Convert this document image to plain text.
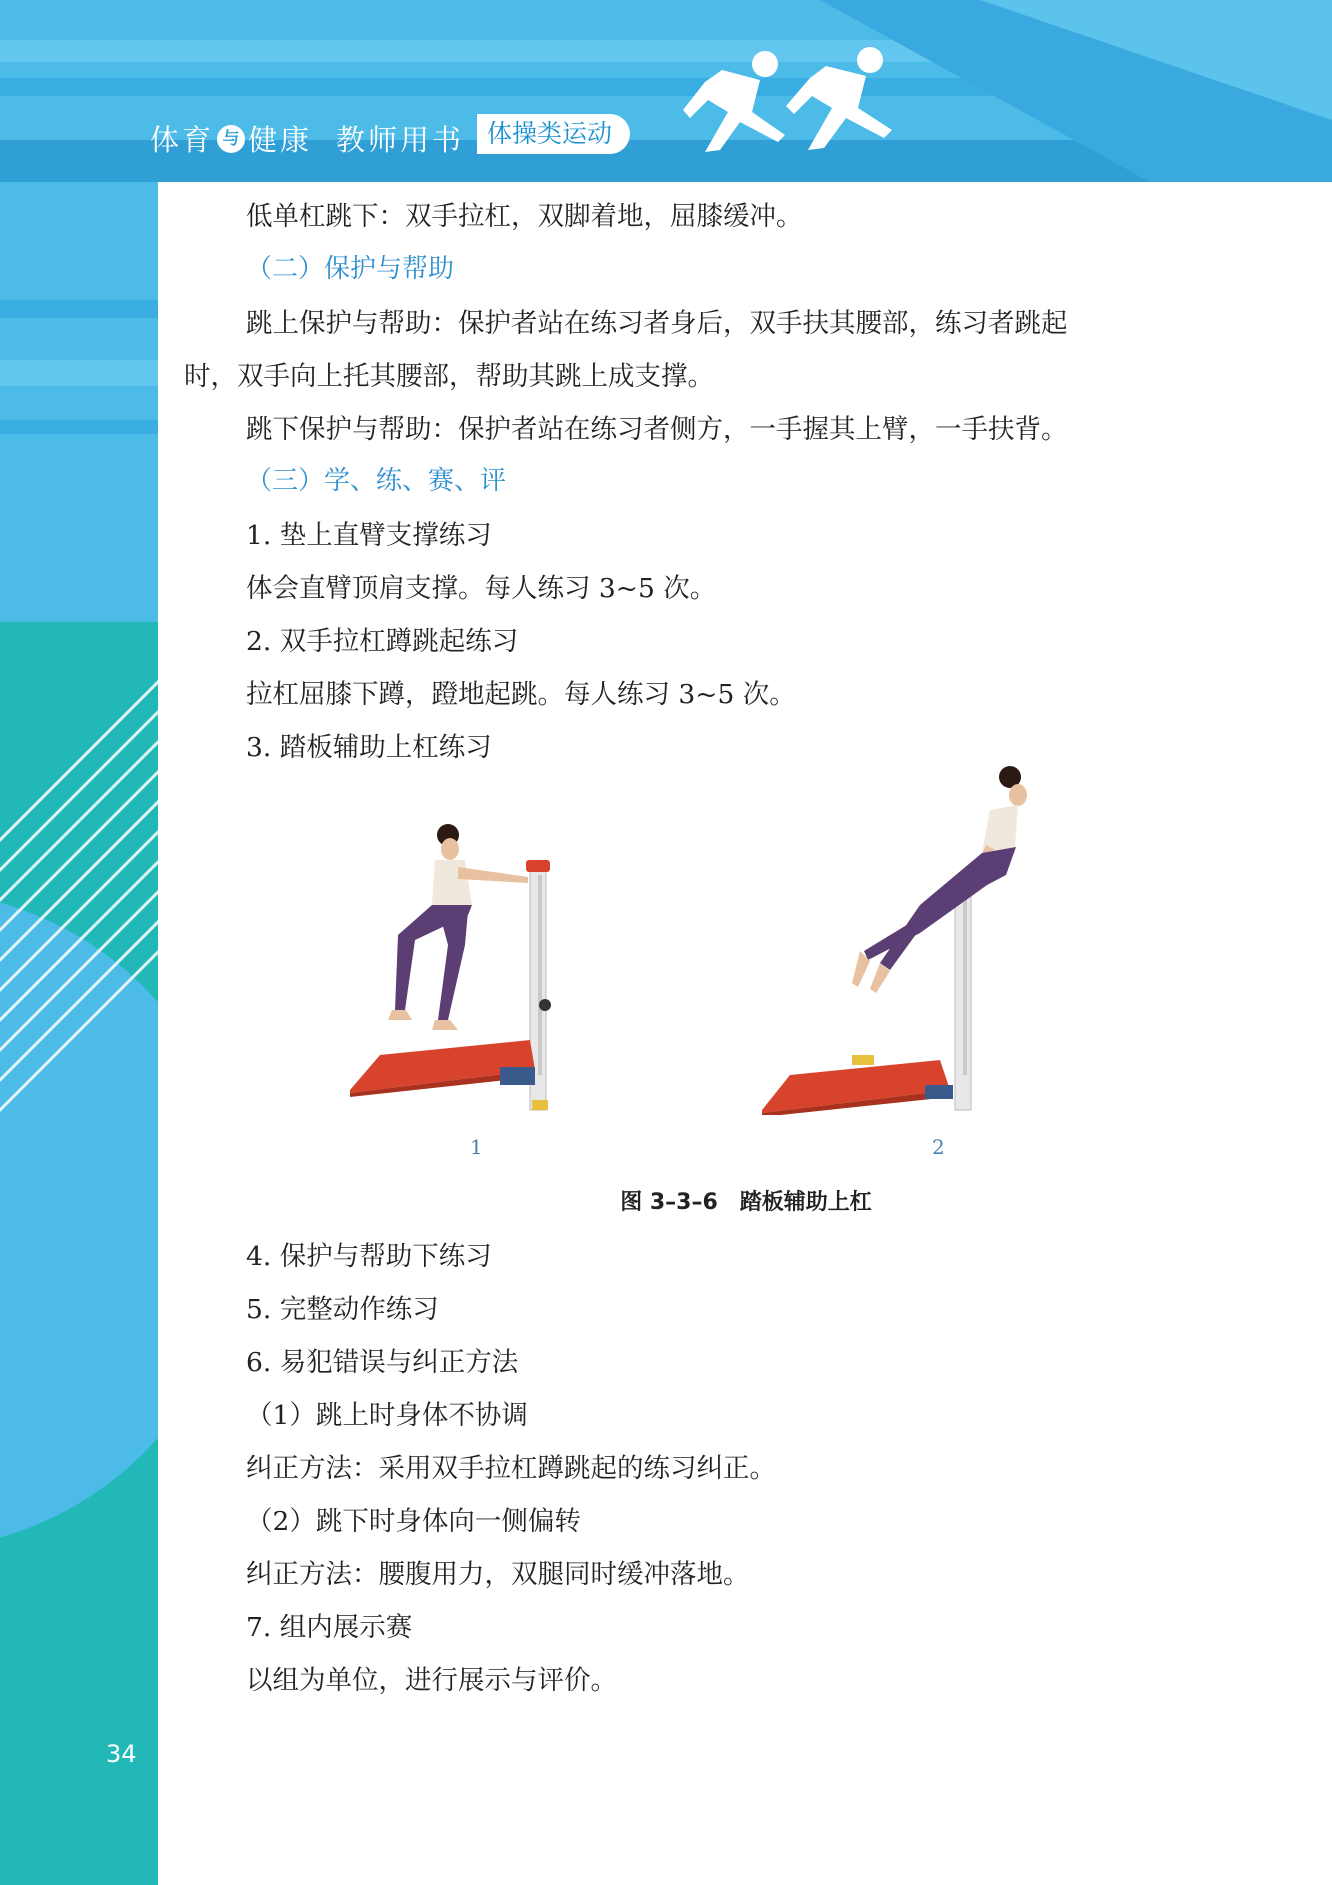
体育 与 健康 教师用书 体操类运动
低单杠跳下：双手拉杠，双脚着地，屈膝缓冲。
（二）保护与帮助
跳上保护与帮助：保护者站在练习者身后，双手扶其腰部，练习者跳起
时，双手向上托其腰部，帮助其跳上成支撑。
跳下保护与帮助：保护者站在练习者侧方，一手握其上臂，一手扶背。
（三）学、练、赛、评
1. 垫上直臂支撑练习
体会直臂顶肩支撑。每人练习 3~5 次。
2. 双手拉杠蹲跳起练习
拉杠屈膝下蹲，蹬地起跳。每人练习 3~5 次。
3. 踏板辅助上杠练习
4. 保护与帮助下练习
5. 完整动作练习
6. 易犯错误与纠正方法
（1）跳上时身体不协调
纠正方法：采用双手拉杠蹲跳起的练习纠正。
（2）跳下时身体向一侧偏转
纠正方法：腰腹用力，双腿同时缓冲落地。
7. 组内展示赛
以组为单位，进行展示与评价。
1	2
图 3–3–6　踏板辅助上杠
34
